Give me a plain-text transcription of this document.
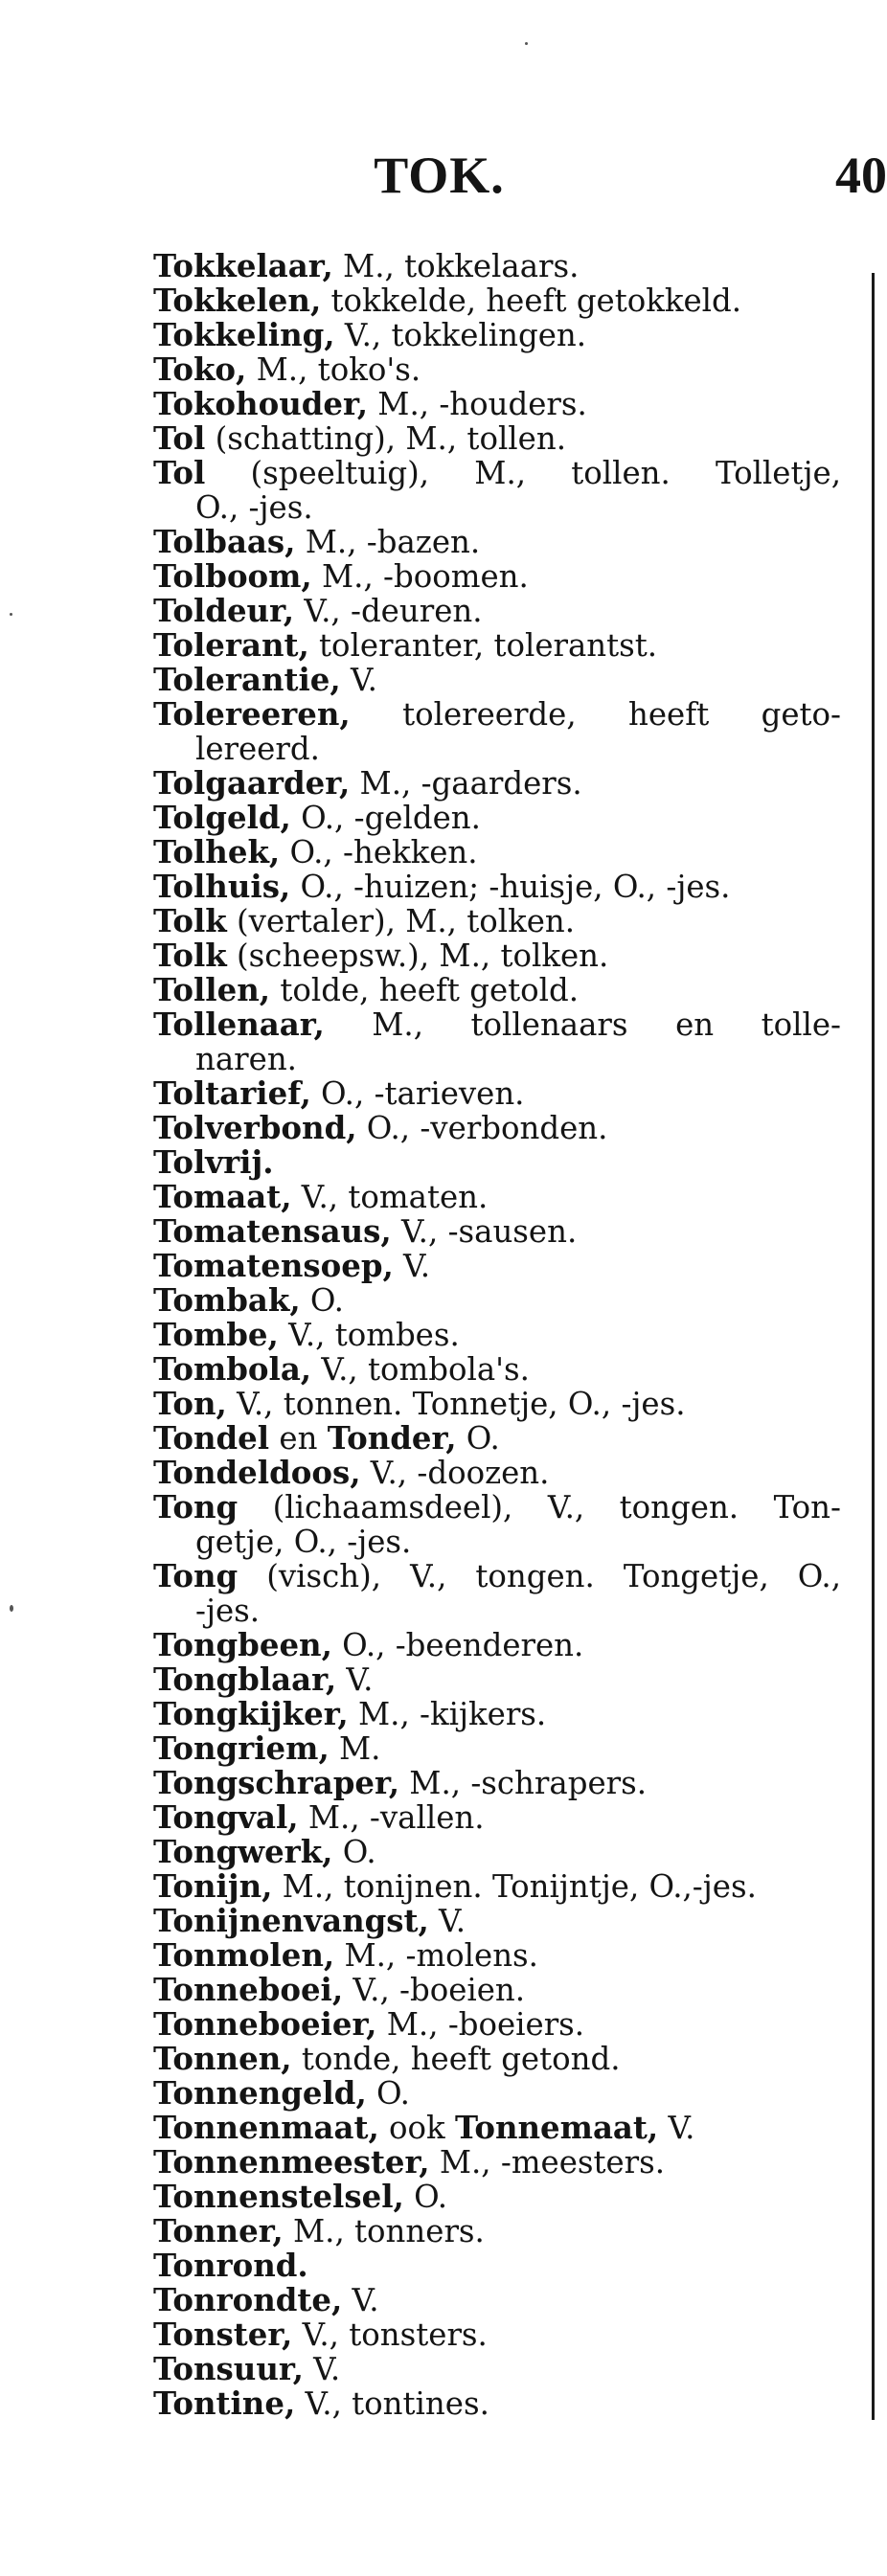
TOK.	40
Tokkelaar, M., tokkelaars.
Tokkelen, tokkelde, heeft getokkeld.
Tokkeling, V., tokkelingen.
Toko, M., toko's.
Tokohouder, M., -houders.
Tol (schatting), M., tollen.
Tol (speeltuig), M., tollen. Tolletje,
O., -jes.
Tolbaas, M., -bazen.
Tolboom, M., -boomen.
Toldeur, V., -deuren.
Tolerant, toleranter, tolerantst.
Tolerantie, V.
Tolereeren, tolereerde, heeft geto-
lereerd.
Tolgaarder, M., -gaarders.
Tolgeld, O., -gelden.
Tolhek, O., -hekken.
Tolhuis, O., -huizen; -huisje, O., -jes.
Tolk (vertaler), M., tolken.
Tolk (scheepsw.), M., tolken.
Tollen, tolde, heeft getold.
Tollenaar, M., tollenaars en tolle-
naren.
Toltarief, O., -tarieven.
Tolverbond, O., -verbonden.
Tolvrij.
Tomaat, V., tomaten.
Tomatensaus, V., -sausen.
Tomatensoep, V.
Tombak, O.
Tombe, V., tombes.
Tombola, V., tombola's.
Ton, V., tonnen. Tonnetje, O., -jes.
Tondel en Tonder, O.
Tondeldoos, V., -doozen.
Tong (lichaamsdeel), V., tongen. Ton-
getje, O., -jes.
Tong (visch), V., tongen. Tongetje, O.,
-jes.
Tongbeen, O., -beenderen.
Tongblaar, V.
Tongkijker, M., -kijkers.
Tongriem, M.
Tongschraper, M., -schrapers.
Tongval, M., -vallen.
Tongwerk, O.
Tonijn, M., tonijnen. Tonijntje, O.,-jes.
Tonijnenvangst, V.
Tonmolen, M., -molens.
Tonneboei, V., -boeien.
Tonneboeier, M., -boeiers.
Tonnen, tonde, heeft getond.
Tonnengeld, O.
Tonnenmaat, ook Tonnemaat, V.
Tonnenmeester, M., -meesters.
Tonnenstelsel, O.
Tonner, M., tonners.
Tonrond.
Tonrondte, V.
Tonster, V., tonsters.
Tonsuur, V.
Tontine, V., tontines.
